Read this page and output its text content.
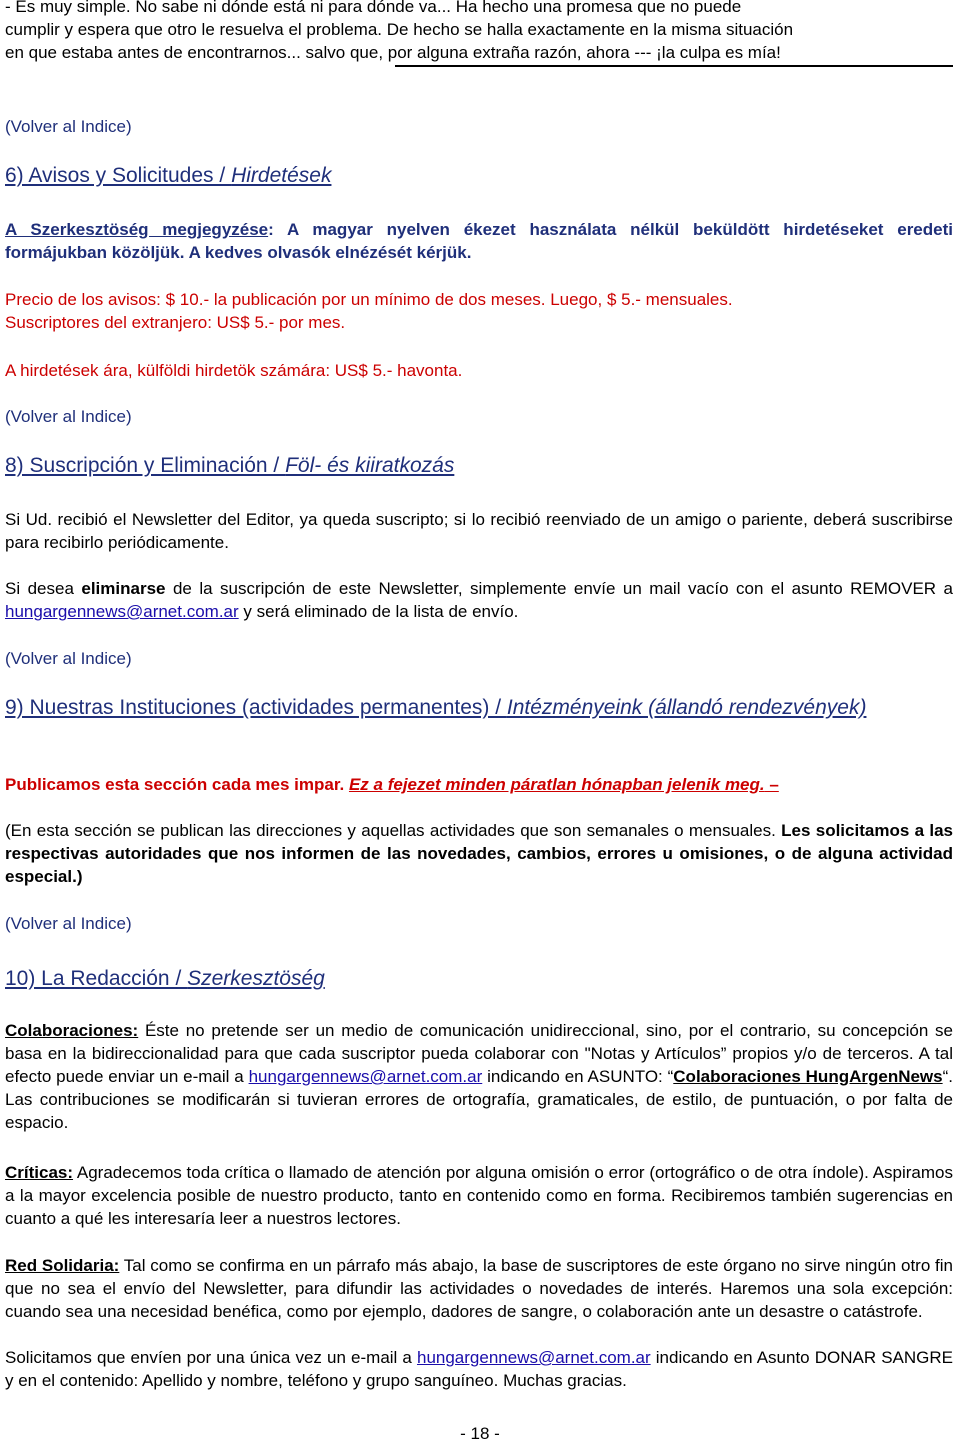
- Es muy simple. No sabe ni dónde está ni para dónde va... Ha hecho una promesa que no puede
cumplir y espera que otro le resuelva el problema. De hecho se halla exactamente en la misma situación
en que estaba antes de encontrarnos... salvo que, por alguna extraña razón, ahora --- ¡la culpa es mía!
(Volver al Indice)
6) Avisos y Solicitudes / Hirdetések
A Szerkesztöség megjegyzése: A magyar nyelven ékezet használata nélkül beküldött hirdetéseket eredeti formájukban közöljük. A kedves olvasók elnézését kérjük.
Precio de los avisos: $ 10.- la publicación por un mínimo de dos meses. Luego, $ 5.- mensuales.
Suscriptores del extranjero: US$ 5.- por mes.
A hirdetések ára, külföldi hirdetök számára: US$ 5.- havonta.
(Volver al Indice)
8) Suscripción y Eliminación / Föl- és kiiratkozás
Si Ud. recibió el Newsletter del Editor, ya queda suscripto; si lo recibió reenviado de un amigo o pariente, deberá suscribirse para recibirlo periódicamente.
Si desea eliminarse de la suscripción de este Newsletter, simplemente envíe un mail vacío con el asunto REMOVER a hungargennews@arnet.com.ar y será eliminado de la lista de envío.
(Volver al Indice)
9) Nuestras Instituciones (actividades permanentes) / Intézményeink (állandó rendezvények)
Publicamos esta sección cada mes impar. Ez a fejezet minden páratlan hónapban jelenik meg. –
(En esta sección se publican las direcciones y aquellas actividades que son semanales o mensuales. Les solicitamos a las respectivas autoridades que nos informen de las novedades, cambios, errores u omisiones, o de alguna actividad especial.)
(Volver al Indice)
10) La Redacción / Szerkesztöség
Colaboraciones: Éste no pretende ser un medio de comunicación unidireccional, sino, por el contrario, su concepción se basa en la bidireccionalidad para que cada suscriptor pueda colaborar con "Notas y Artículos” propios y/o de terceros. A tal efecto puede enviar un e-mail a hungargennews@arnet.com.ar indicando en ASUNTO: “Colaboraciones HungArgenNews“. Las contribuciones se modificarán si tuvieran errores de ortografía, gramaticales, de estilo, de puntuación, o por falta de espacio.
Críticas: Agradecemos toda crítica o llamado de atención por alguna omisión o error (ortográfico o de otra índole). Aspiramos a la mayor excelencia posible de nuestro producto, tanto en contenido como en forma. Recibiremos también sugerencias en cuanto a qué les interesaría leer a nuestros lectores.
Red Solidaria: Tal como se confirma en un párrafo más abajo, la base de suscriptores de este órgano no sirve ningún otro fin que no sea el envío del Newsletter, para difundir las actividades o novedades de interés. Haremos una sola excepción: cuando sea una necesidad benéfica, como por ejemplo, dadores de sangre, o colaboración ante un desastre o catástrofe.
Solicitamos que envíen por una única vez un e-mail a hungargennews@arnet.com.ar indicando en Asunto DONAR SANGRE y en el contenido: Apellido y nombre, teléfono y grupo sanguíneo. Muchas gracias.
- 18 -
